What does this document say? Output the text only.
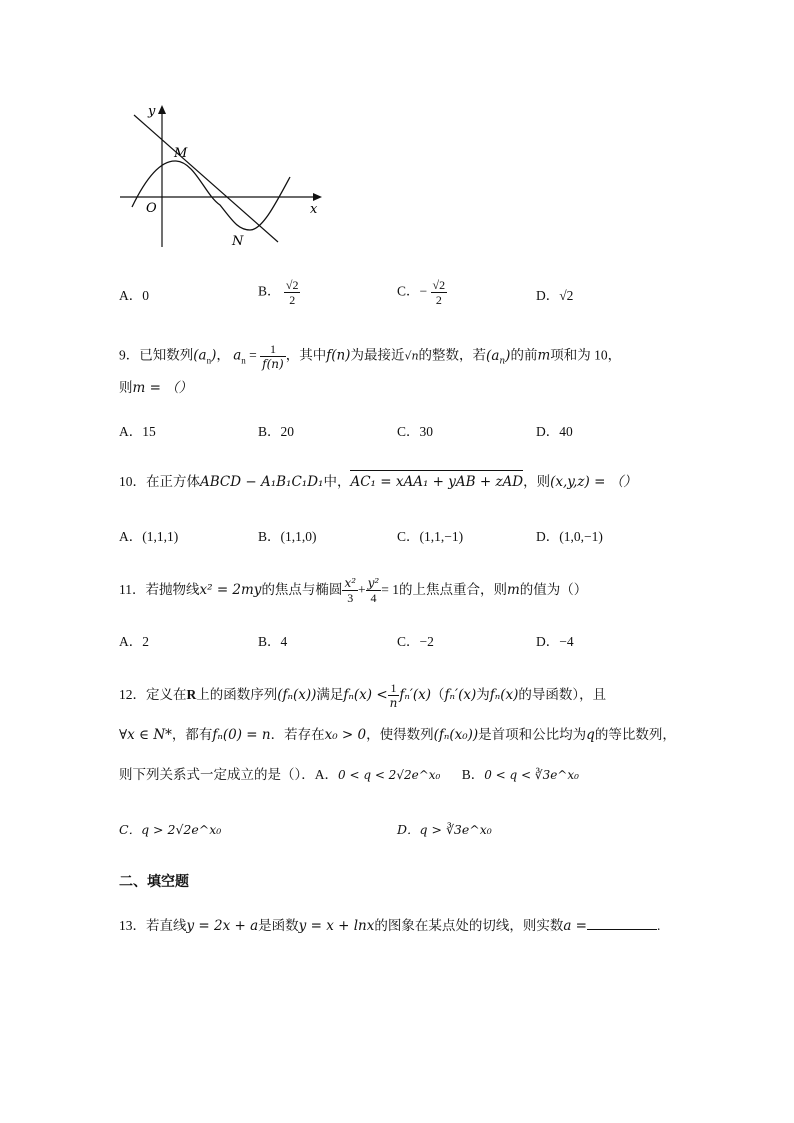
y
x
O
M
N
A．0	B． $\frac{√2}{2}$	C．− $\frac{√2}{2}$	D．√2
9．已知数列$(a_n)$， $a_n = \frac{1}{f(n)}$ ，其中f(n)为最接近√n的整数，若$(a_n)$的前m项和为 10，
则m = （）
A．15	B．20	C．30	D．40
10．在正方体ABCD − A₁B₁C₁D₁中，AC₁ = xAA₁ + yAB + zAD，则(x,y,z) = （）
A．(1,1,1)	B．(1,1,0)	C．(1,1,−1)	D．(1,0,−1)
11．若抛物线x² = 2my的焦点与椭圆 $\frac{\text{x²}}{3} + \frac{\text{y²}}{4} = 1$的上焦点重合，则m的值为（）
A．2	B．4	C．−2	D．−4
12．定义在R上的函数序列(fₙ(x))满足$f_n(x) < \frac{1}{n} f_n'(x)(f_n'(x)$为fₙ(x)的导函数），且
∀x ∈ N*，都有fₙ(0) = n．若存在x₀ > 0，使得数列(fₙ(x₀))是首项和公比均为q的等比数列，
则下列关系式一定成立的是（）．A．0 < q < 2√2e^x₀ B．0 < q < ∛3e^x₀
C．q > 2√2e^x₀	D．q > ∛3e^x₀
二、填空题
13．若直线y = 2x + a是函数y = x + lnx的图象在某点处的切线，则实数a =	.
